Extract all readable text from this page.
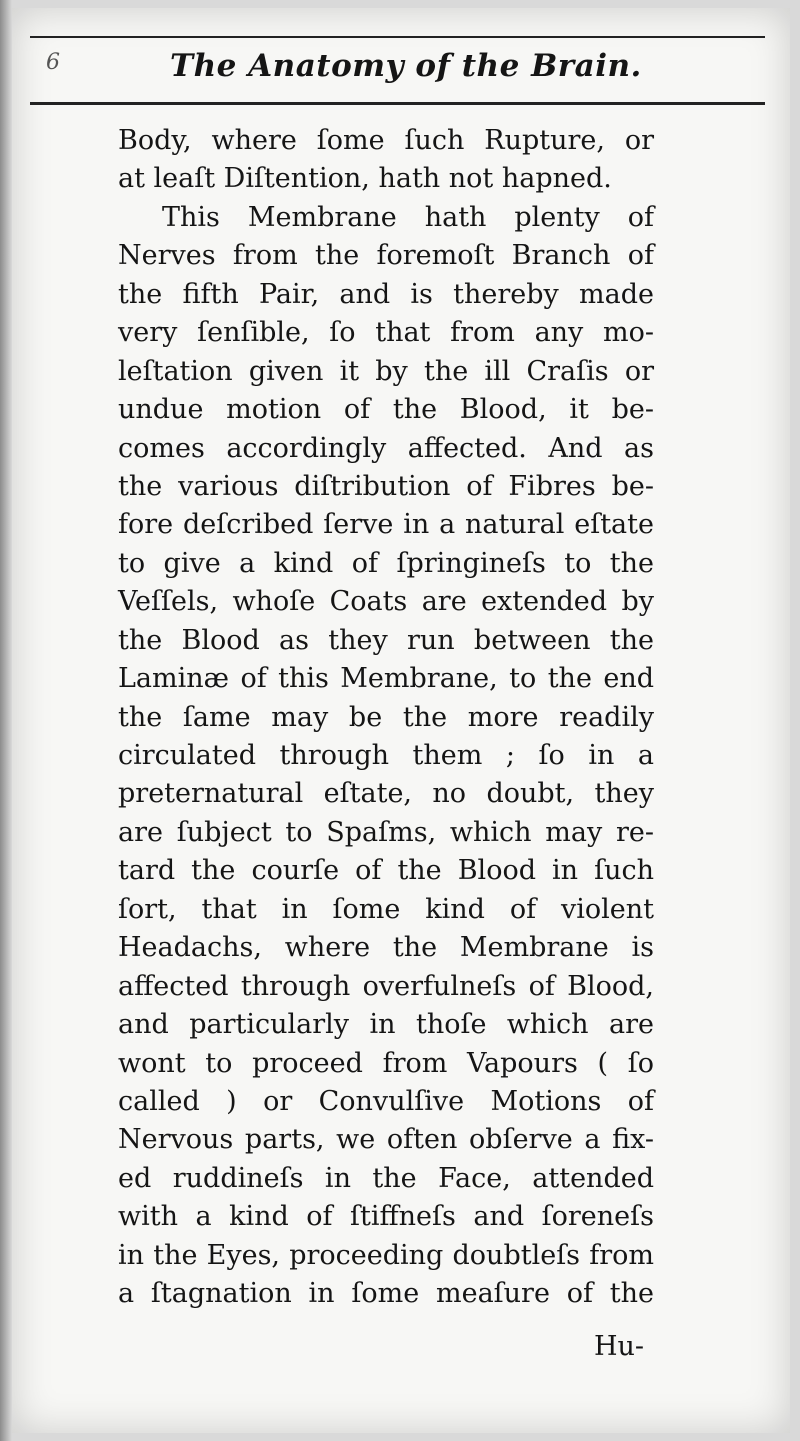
6	The Anatomy of the Brain.
Body, where ſome ſuch Rupture, or
at leaſt Diſtention, hath not hapned.
This Membrane hath plenty of
Nerves from the foremoſt Branch of
the fifth Pair, and is thereby made
very ſenſible, ſo that from any mo-
leſtation given it by the ill Craſis or
undue motion of the Blood, it be-
comes accordingly affected. And as
the various diſtribution of Fibres be-
fore deſcribed ſerve in a natural eſtate
to give a kind of ſpringineſs to the
Veſſels, whoſe Coats are extended by
the Blood as they run between the
Laminæ of this Membrane, to the end
the ſame may be the more readily
circulated through them ; ſo in a
preternatural eſtate, no doubt, they
are ſubject to Spaſms, which may re-
tard the courſe of the Blood in ſuch
ſort, that in ſome kind of violent
Headachs, where the Membrane is
affected through overfulneſs of Blood,
and particularly in thoſe which are
wont to proceed from Vapours ( ſo
called ) or Convulſive Motions of
Nervous parts, we often obſerve a fix-
ed ruddineſs in the Face, attended
with a kind of ſtiffneſs and ſoreneſs
in the Eyes, proceeding doubtleſs from
a ſtagnation in ſome meaſure of the
Hu-
